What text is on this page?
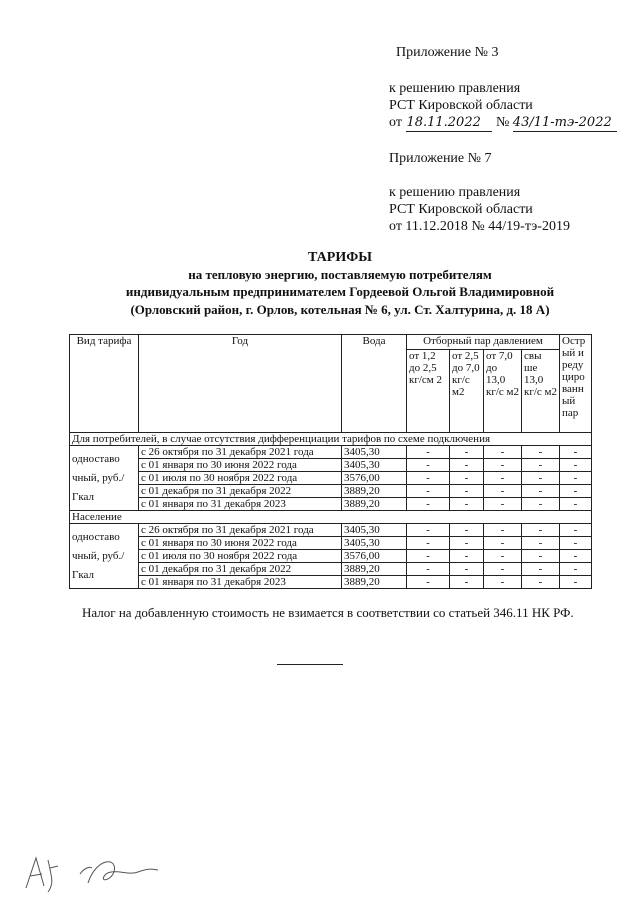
Приложение № 3
к решению правления
РСТ Кировской области
от 18.11.2022 № 43/11-тэ-2022
Приложение № 7
к решению правления
РСТ Кировской области
от 11.12.2018 № 44/19-тэ-2019
ТАРИФЫ
на тепловую энергию, поставляемую потребителям
индивидуальным предпринимателем Гордеевой Ольгой Владимировной
(Орловский район, г. Орлов, котельная № 6, ул. Ст. Халтурина, д. 18 А)
Вид тарифа	Год	Вода	Отборный пар давлением				Остр ый и реду циро ванн ый пар
			от 1,2 до 2,5 кг/см 2	от 2,5 до 7,0 кг/с м2	от 7,0 до 13,0 кг/с м2	свы ше 13,0 кг/с м2	
Для потребителей, в случае отсутствия дифференциации тарифов по схеме подключения							
одноставо чный, руб./Гкал	с 26 октября по 31 декабря 2021 года	3405,30	-	-	-	-	-
	с 01 января по 30 июня 2022 года	3405,30	-	-	-	-	-
	с 01 июля по 30 ноября 2022 года	3576,00	-	-	-	-	-
	с 01 декабря по 31 декабря 2022	3889,20	-	-	-	-	-
	с 01 января по 31 декабря 2023	3889,20	-	-	-	-	-
Население							
одноставо чный, руб./Гкал	с 26 октября по 31 декабря 2021 года	3405,30	-	-	-	-	-
	с 01 января по 30 июня 2022 года	3405,30	-	-	-	-	-
	с 01 июля по 30 ноября 2022 года	3576,00	-	-	-	-	-
	с 01 декабря по 31 декабря 2022	3889,20	-	-	-	-	-
	с 01 января по 31 декабря 2023	3889,20	-	-	-	-	-
Налог на добавленную стоимость не взимается в соответствии со статьей 346.11 НК РФ.
